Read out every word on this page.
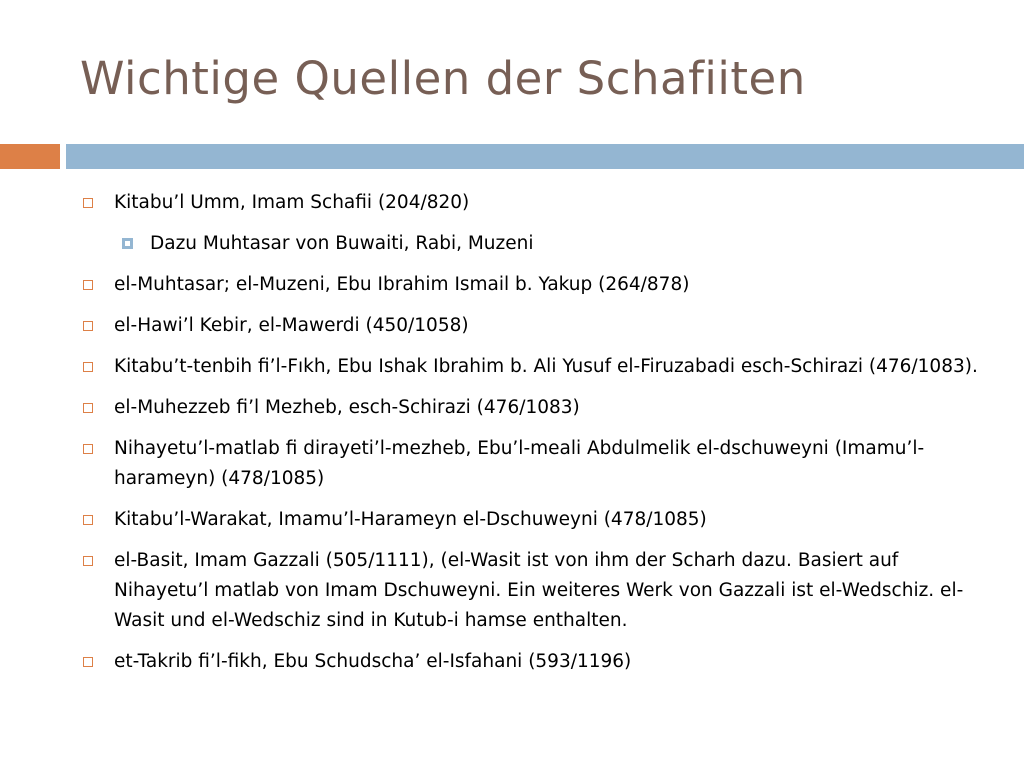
Wichtige Quellen der Schafiiten
Kitabu’l Umm, Imam Schafii (204/820)
Dazu Muhtasar von Buwaiti, Rabi, Muzeni
el-Muhtasar; el-Muzeni, Ebu Ibrahim Ismail b. Yakup (264/878)
el-Hawi’l Kebir, el-Mawerdi (450/1058)
Kitabu’t-tenbih fi’l-Fıkh, Ebu Ishak Ibrahim b. Ali Yusuf el-Firuzabadi esch-Schirazi (476/1083).
el-Muhezzeb fi’l Mezheb, esch-Schirazi (476/1083)
Nihayetu’l-matlab fi dirayeti’l-mezheb, Ebu’l-meali Abdulmelik el-dschuweyni (Imamu’l-harameyn) (478/1085)
Kitabu’l-Warakat, Imamu’l-Harameyn el-Dschuweyni (478/1085)
el-Basit, Imam Gazzali (505/1111), (el-Wasit ist von ihm der Scharh dazu. Basiert auf Nihayetu’l matlab von Imam Dschuweyni. Ein weiteres Werk von Gazzali ist el-Wedschiz. el-Wasit und el-Wedschiz sind in Kutub-i hamse enthalten.
et-Takrib fi’l-fikh, Ebu Schudscha’ el-Isfahani (593/1196)
